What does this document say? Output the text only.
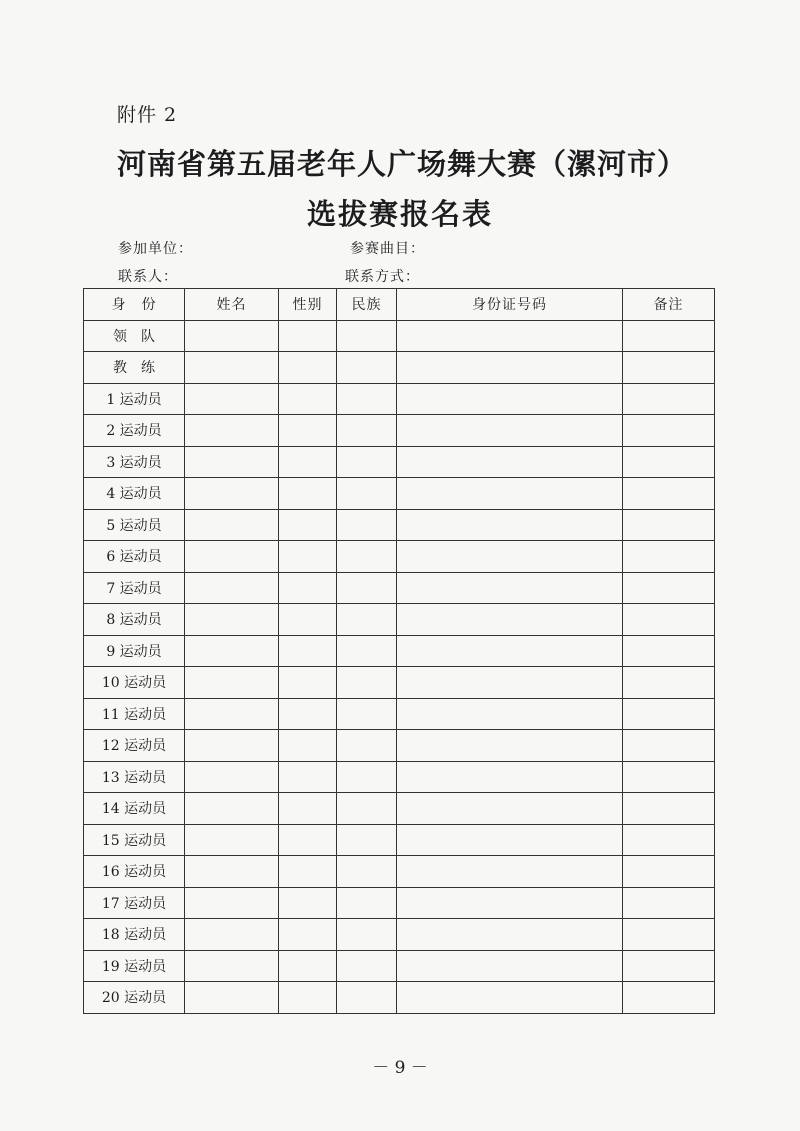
附件 2
河南省第五届老年人广场舞大赛（漯河市）
选拔赛报名表
参加单位：	参赛曲目：
联系人：	联系方式：
身　份	姓名	性别	民族	身份证号码	备注
领　队					
教　练					
1 运动员					
2 运动员					
3 运动员					
4 运动员					
5 运动员					
6 运动员					
7 运动员					
8 运动员					
9 运动员					
10 运动员					
11 运动员					
12 运动员					
13 运动员					
14 运动员					
15 运动员					
16 运动员					
17 运动员					
18 运动员					
19 运动员					
20 运动员					
－ 9 －
